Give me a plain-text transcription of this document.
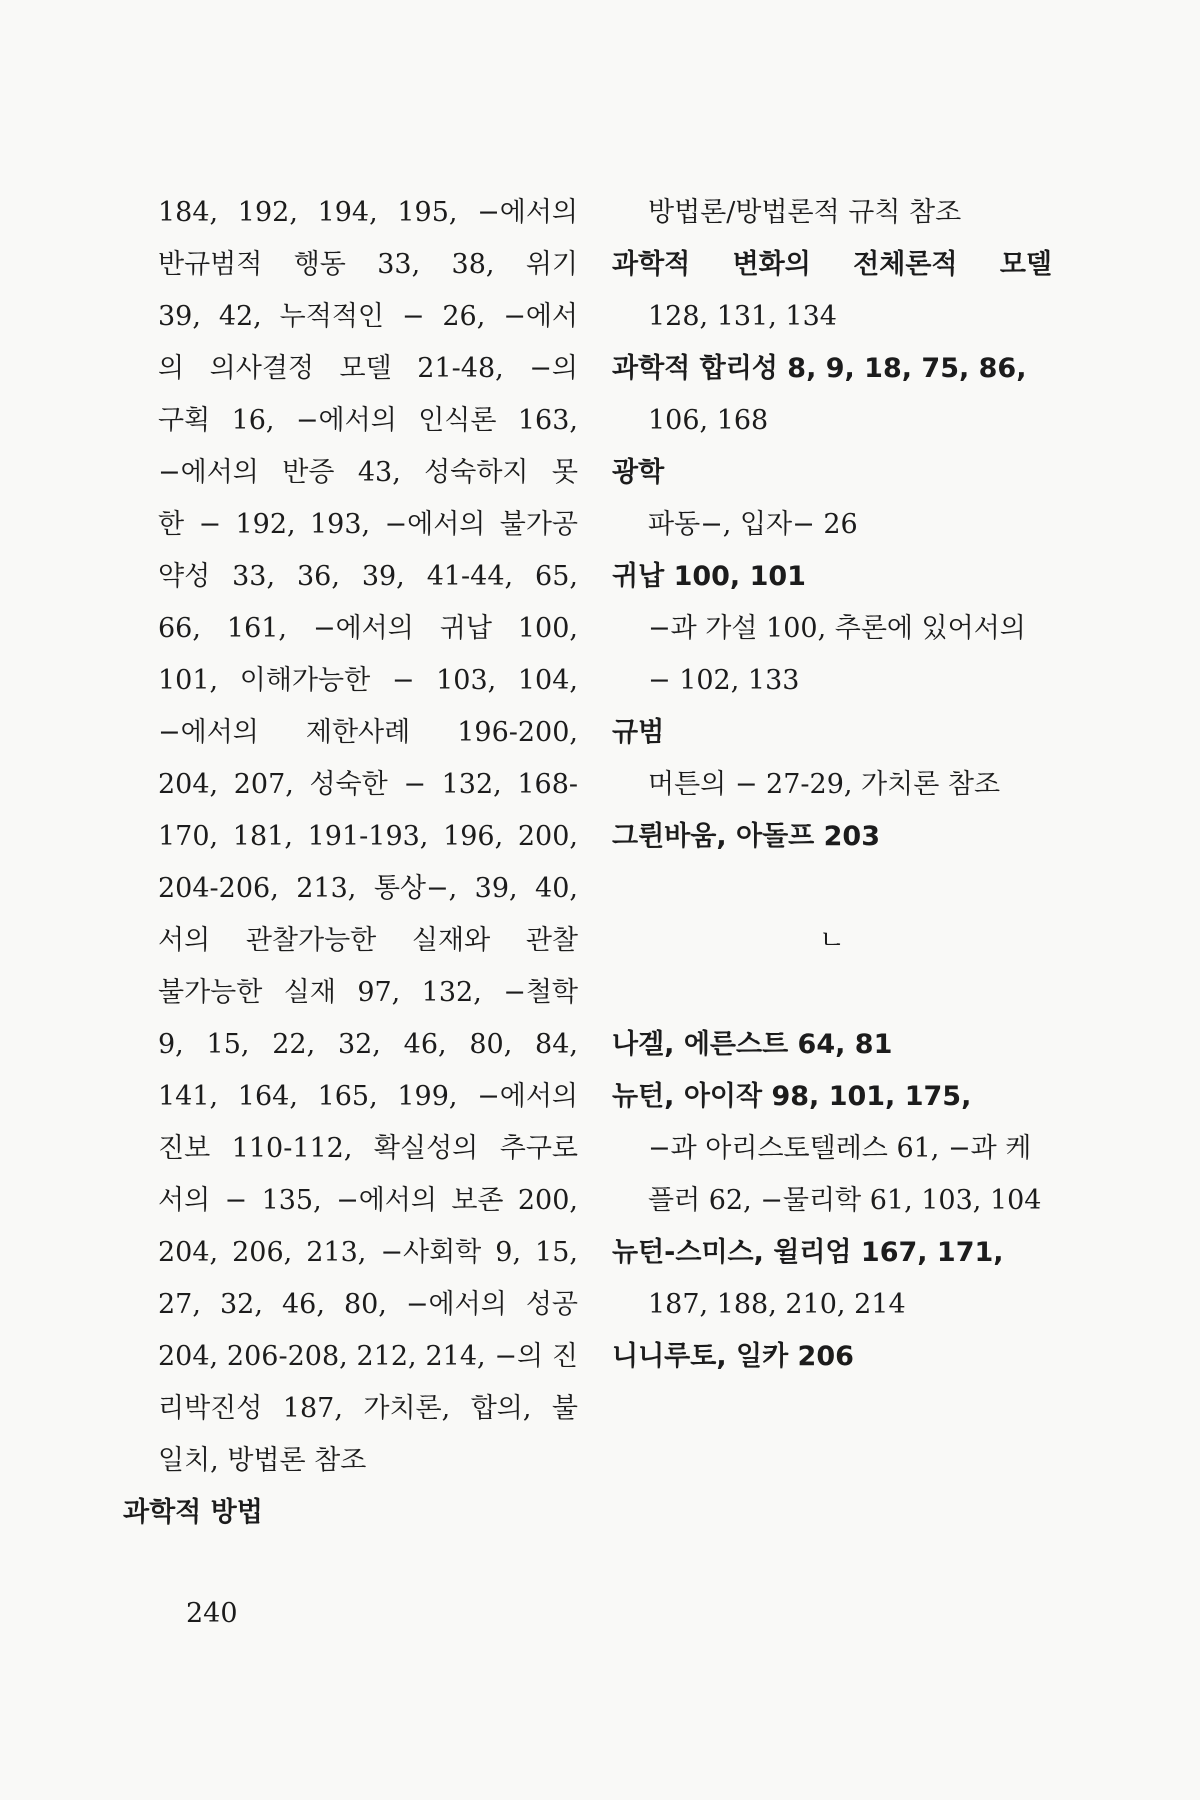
184, 192, 194, 195, −에서의
반규범적 행동 33, 38, 위기
39, 42, 누적적인 − 26, −에서
의 의사결정 모델 21-48, −의
구획 16, −에서의 인식론 163,
−에서의 반증 43, 성숙하지 못
한 − 192, 193, −에서의 불가공
약성 33, 36, 39, 41-44, 65,
66, 161, −에서의 귀납 100,
101, 이해가능한 − 103, 104,
−에서의 제한사례 196-200,
204, 207, 성숙한 − 132, 168-
170, 181, 191-193, 196, 200,
204-206, 213, 통상−, 39, 40,
서의 관찰가능한 실재와 관찰
불가능한 실재 97, 132, −철학
9, 15, 22, 32, 46, 80, 84,
141, 164, 165, 199, −에서의
진보 110-112, 확실성의 추구로
서의 − 135, −에서의 보존 200,
204, 206, 213, −사회학 9, 15,
27, 32, 46, 80, −에서의 성공
204, 206-208, 212, 214, −의 진
리박진성 187, 가치론, 합의, 불
일치, 방법론 참조
과학적 방법
방법론/방법론적 규칙 참조
과학적 변화의 전체론적 모델
128, 131, 134
과학적 합리성 8, 9, 18, 75, 86,
106, 168
광학
파동−, 입자− 26
귀납 100, 101
−과 가설 100, 추론에 있어서의
− 102, 133
규범
머튼의 − 27-29, 가치론 참조
그륀바움, 아돌프 203
ㄴ
나겔, 에른스트 64, 81
뉴턴, 아이작 98, 101, 175,
−과 아리스토텔레스 61, −과 케
플러 62, −물리학 61, 103, 104
뉴턴-스미스, 윌리엄 167, 171,
187, 188, 210, 214
니니루토, 일카 206
240
